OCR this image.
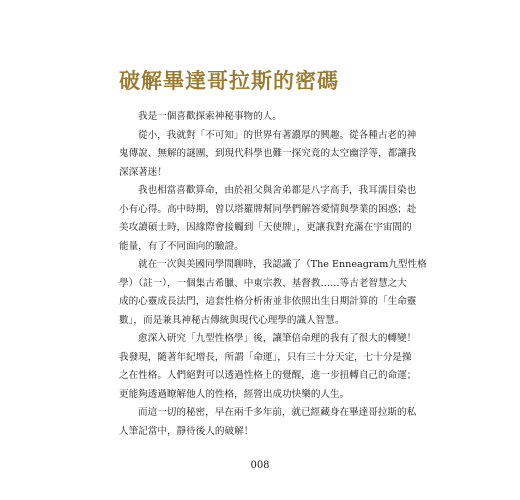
破解畢達哥拉斯的密碼
我是一個喜歡探索神秘事物的人。
從小，我就對「不可知」的世界有著濃厚的興趣。從各種古老的神
鬼傳說、無解的謎團，到現代科學也難一探究竟的太空幽浮等，都讓我
深深著迷！
我也相當喜歡算命，由於祖父與舍弟都是八字高手，我耳濡目染也
小有心得。高中時期，曾以塔羅牌幫同學們解答愛情與學業的困惑；赴
美攻讀碩士時，因緣際會接觸到「天使牌」，更讓我對充滿在宇宙間的
能量，有了不同面向的驗證。
就在一次與美國同學閒聊時，我認識了（The Enneagram九型性格
學）（註一），一個集古希臘、中東宗教、基督教……等古老智慧之大
成的心靈成長法門，這套性格分析術並非依照出生日期計算的「生命靈
數」，而是兼具神秘古傳統與現代心理學的識人智慧。
愈深入研究「九型性格學」後，讓筆倍命理的我有了很大的轉變！
我發現，隨著年紀增長，所謂「命運」，只有三十分天定，七十分是操
之在性格。人們絕對可以透過性格上的覺醒，進一步扭轉自己的命運；
更能夠透過瞭解他人的性格，經營出成功快樂的人生。
而這一切的秘密，早在兩千多年前，就已經藏身在畢達哥拉斯的私
人筆記當中，靜待後人的破解！
008
